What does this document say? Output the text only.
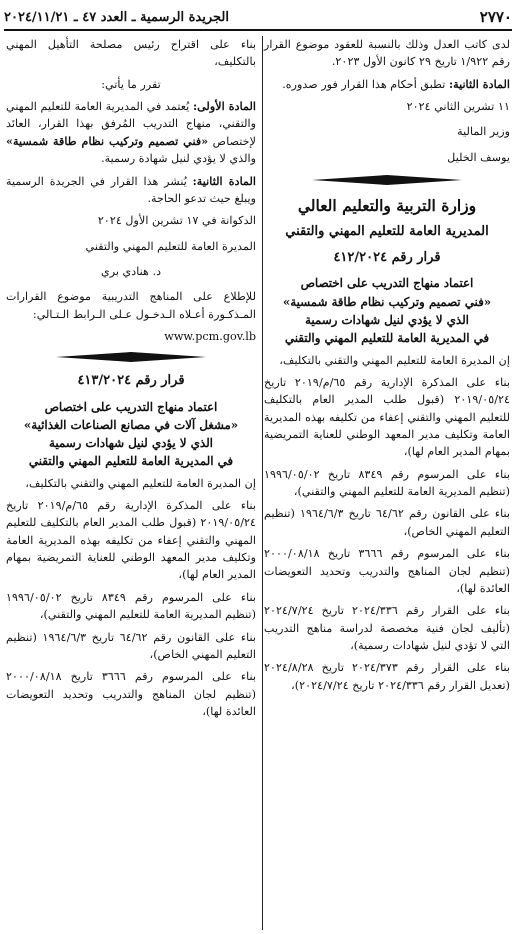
٢٧٧٠
الجريدة الرسمية ـ العدد ٤٧ ـ ٢٠٢٤/١١/٢١

لدى كاتب العدل وذلك بالنسبة للعقود موضوع القرار رقم ١/٩٢٢ تاريخ ٢٩ كانون الأول ٢٠٢٣.

المادة الثانية: تطبق أحكام هذا القرار فور صدوره.

١١ تشرين الثاني ٢٠٢٤

وزير المالية

يوسف الخليل

وزارة التربية والتعليم العالي
المديرية العامة للتعليم المهني والتقني
قرار رقم ٤١٢/٢٠٢٤
اعتماد منهاج التدريب على اختصاص
«فني تصميم وتركيب نظام طاقة شمسية»
الذي لا يؤدي لنيل شهادات رسمية
في المديرية العامة للتعليم المهني والتقني

إن المديرة العامة للتعليم المهني والتقني بالتكليف،

بناء على المذكرة الإدارية رقم ٦٥/م/٢٠١٩ تاريخ ٢٠١٩/٠٥/٢٤ (قبول طلب المدير العام بالتكليف للتعليم المهني والتقني إعفاء من تكليفه بهذه المديرية العامة وتكليف مدير المعهد الوطني للعناية التمريضية بمهام المدير العام لها)،

بناء على المرسوم رقم ٨٣٤٩ تاريخ ١٩٩٦/٠٥/٠٢ (تنظيم المديرية العامة للتعليم المهني والتقني)،

بناء على القانون رقم ٦٤/٦٢ تاريخ ١٩٦٤/٦/٣ (تنظيم التعليم المهني الخاص)،

بناء على المرسوم رقم ٣٦٦٦ تاريخ ٢٠٠٠/٠٨/١٨ (تنظيم لجان المناهج والتدريب وتحديد التعويضات العائدة لها)،

بناء على القرار رقم ٢٠٢٤/٣٣٦ تاريخ ٢٠٢٤/٧/٢٤ (تأليف لجان فنية مخصصة لدراسة مناهج التدريب التي لا تؤدي لنيل شهادات رسمية)،

بناء على القرار رقم ٢٠٢٤/٣٧٣ تاريخ ٢٠٢٤/٨/٢٨ (تعديل القرار رقم ٢٠٢٤/٣٣٦ تاريخ ٢٠٢٤/٧/٢٤)،

بناء على اقتراح رئيس مصلحة التأهيل المهني بالتكليف،

تقرر ما يأتي:

المادة الأولى: يُعتمد في المديرية العامة للتعليم المهني والتقني، منهاج التدريب المُرفق بهذا القرار، العائد لإختصاص «فني تصميم وتركيب نظام طاقة شمسية» والذي لا يؤدي لنيل شهادة رسمية.

المادة الثانية: يُنشر هذا القرار في الجريدة الرسمية ويبلغ حيث تدعو الحاجة.

الدكوانة في ١٧ تشرين الأول ٢٠٢٤

المديرة العامة للتعليم المهني والتقني

د. هنادي بري

للإطلاع على المناهج التدريبية موضوع القرارات المـذكـورة أعـلاه الـدخـول عـلى الـرابط الـتـالي:

www.pcm.gov.lb

قرار رقم ٤١٣/٢٠٢٤
اعتماد منهاج التدريب على اختصاص
«مشغل آلات في مصانع الصناعات الغذائية»
الذي لا يؤدي لنيل شهادات رسمية
في المديرية العامة للتعليم المهني والتقني

إن المديرة العامة للتعليم المهني والتقني بالتكليف،

بناء على المذكرة الإدارية رقم ٦٥/م/٢٠١٩ تاريخ ٢٠١٩/٠٥/٢٤ (قبول طلب المدير العام بالتكليف للتعليم المهني والتقني إعفاء من تكليفه بهذه المديرية العامة وتكليف مدير المعهد الوطني للعناية التمريضية بمهام المدير العام لها)،

بناء على المرسوم رقم ٨٣٤٩ تاريخ ١٩٩٦/٠٥/٠٢ (تنظيم المديرية العامة للتعليم المهني والتقني)،

بناء على القانون رقم ٦٤/٦٢ تاريخ ١٩٦٤/٦/٣ (تنظيم التعليم المهني الخاص)،

بناء على المرسوم رقم ٣٦٦٦ تاريخ ٢٠٠٠/٠٨/١٨ (تنظيم لجان المناهج والتدريب وتحديد التعويضات العائدة لها)،
